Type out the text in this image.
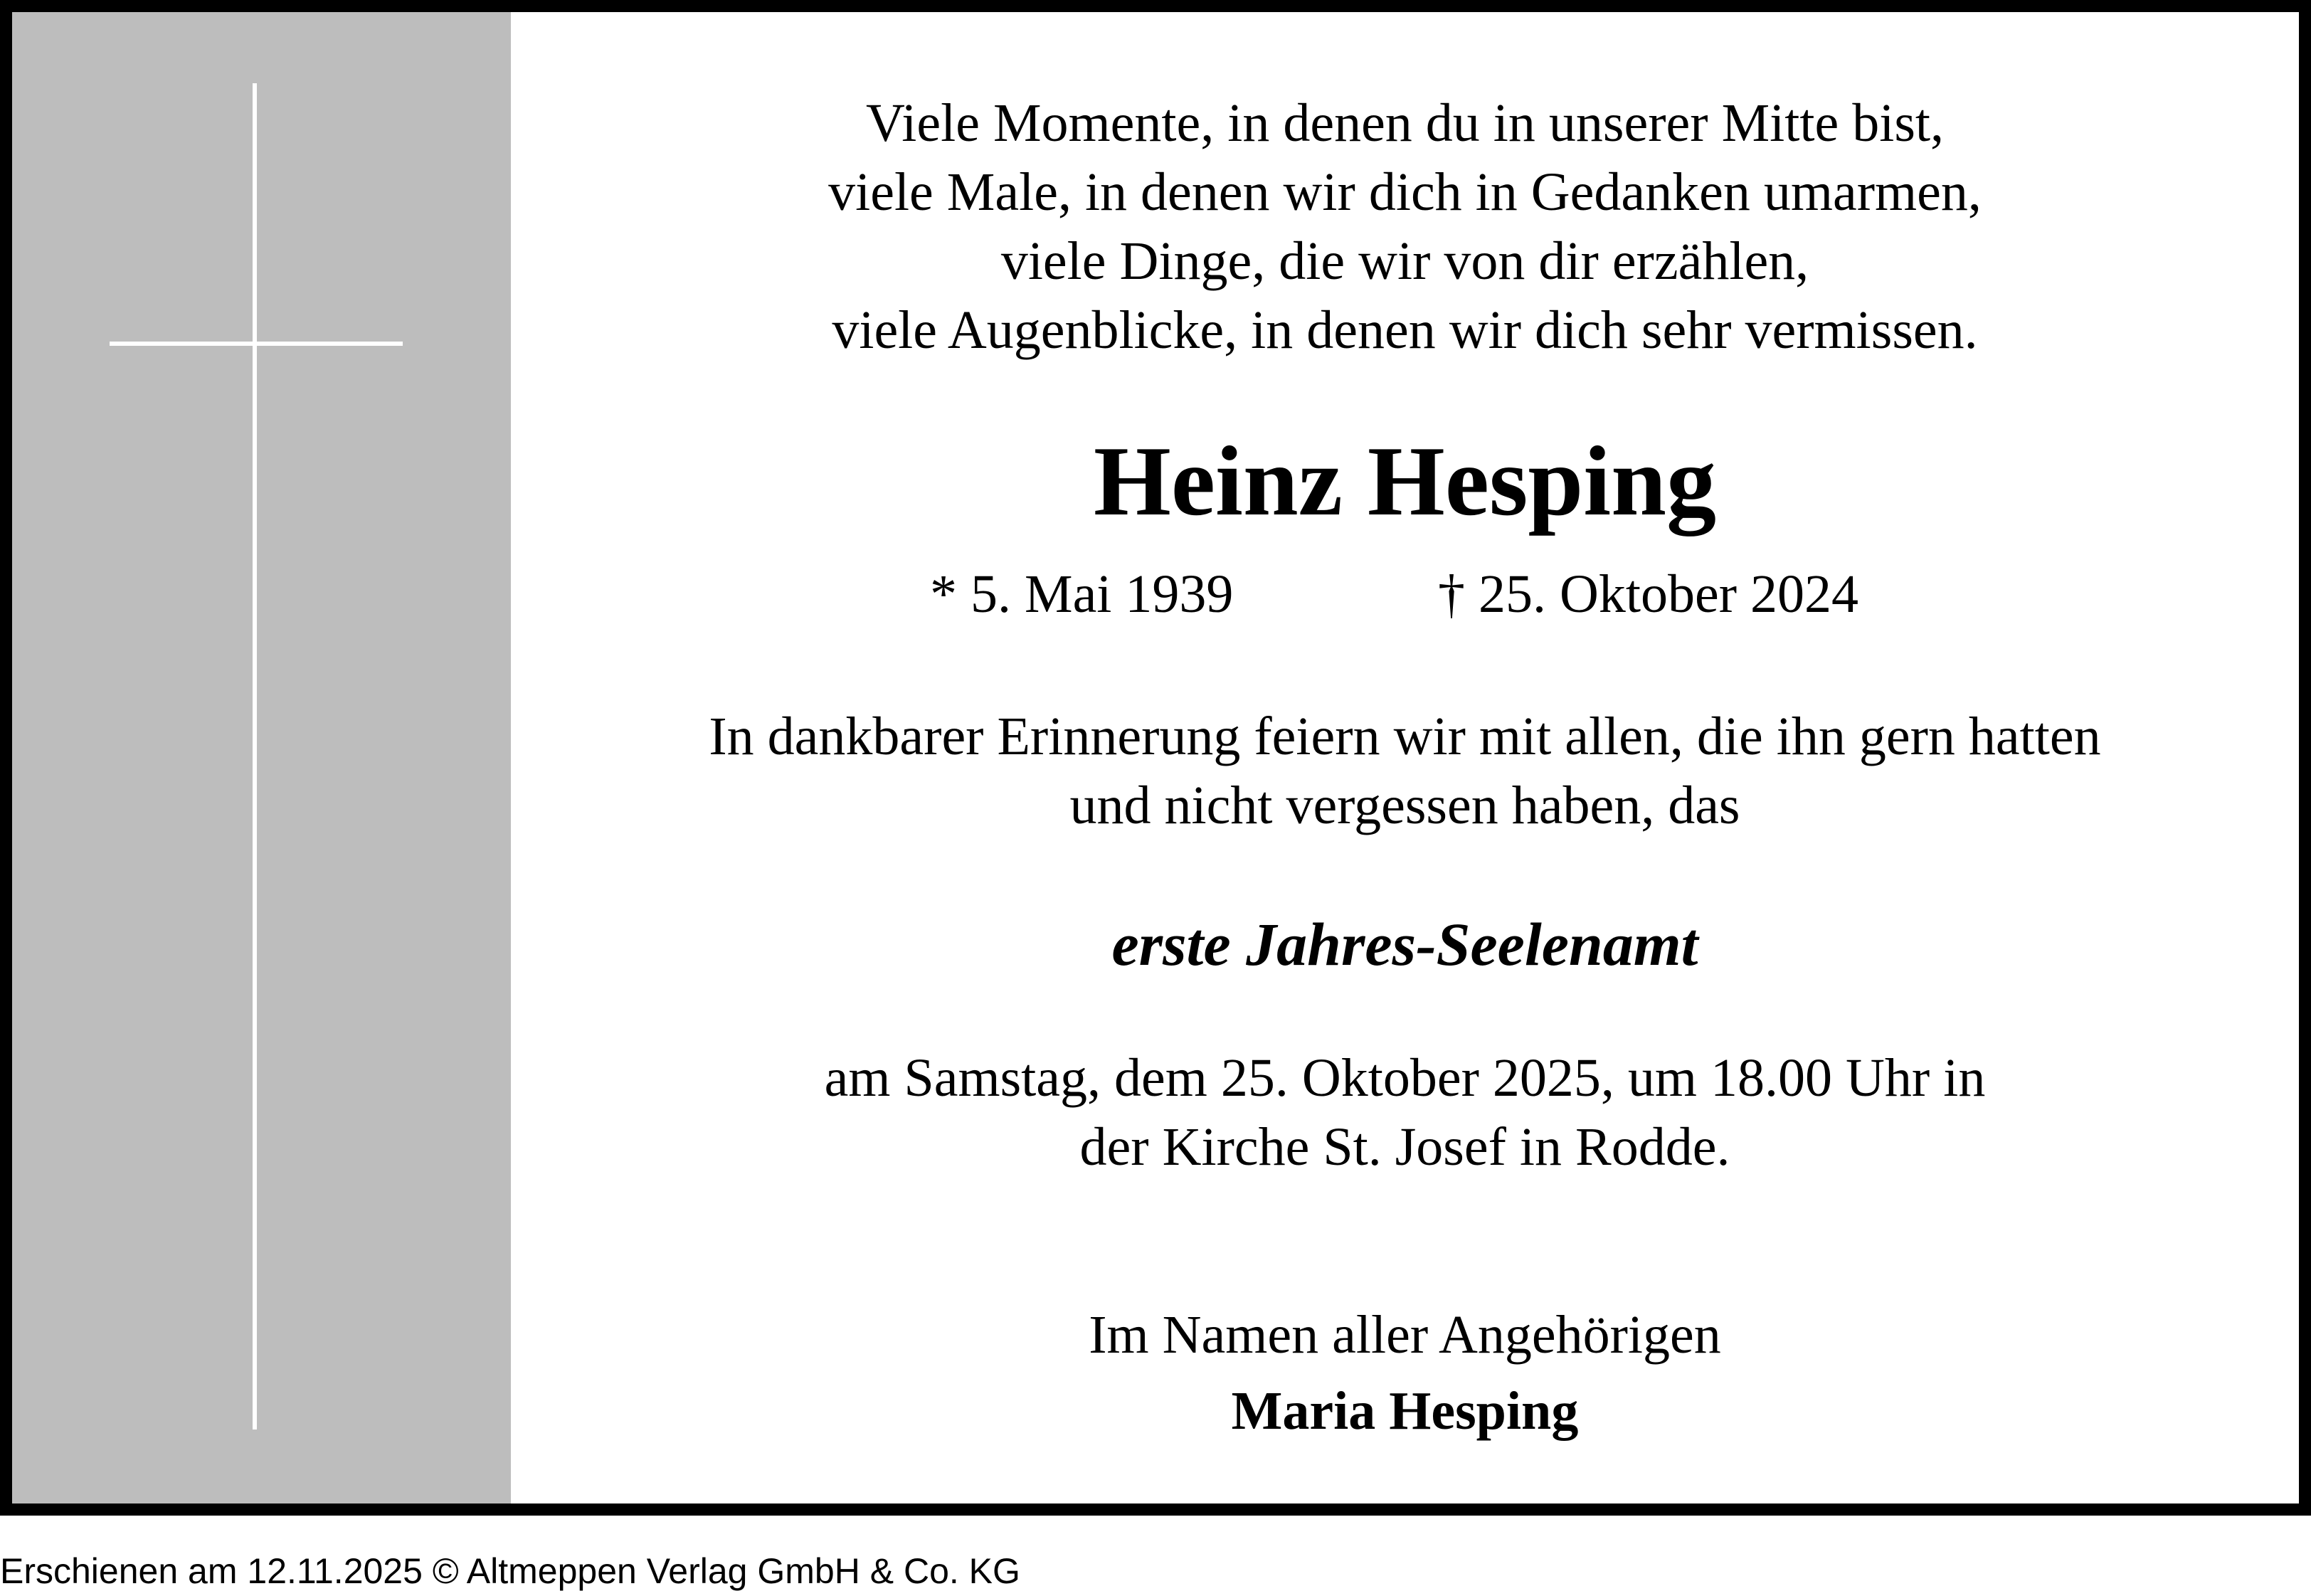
Viele Momente, in denen du in unserer Mitte bist,
viele Male, in denen wir dich in Gedanken umarmen,
viele Dinge, die wir von dir erzählen,
viele Augenblicke, in denen wir dich sehr vermissen.
Heinz Hesping
* 5. Mai 1939	† 25. Oktober 2024
In dankbarer Erinnerung feiern wir mit allen, die ihn gern hatten
und nicht vergessen haben, das
erste Jahres-Seelenamt
am Samstag, dem 25. Oktober 2025, um 18.00 Uhr in
der Kirche St. Josef in Rodde.
Im Namen aller Angehörigen
Maria Hesping
Erschienen am 12.11.2025 © Altmeppen Verlag GmbH & Co. KG
